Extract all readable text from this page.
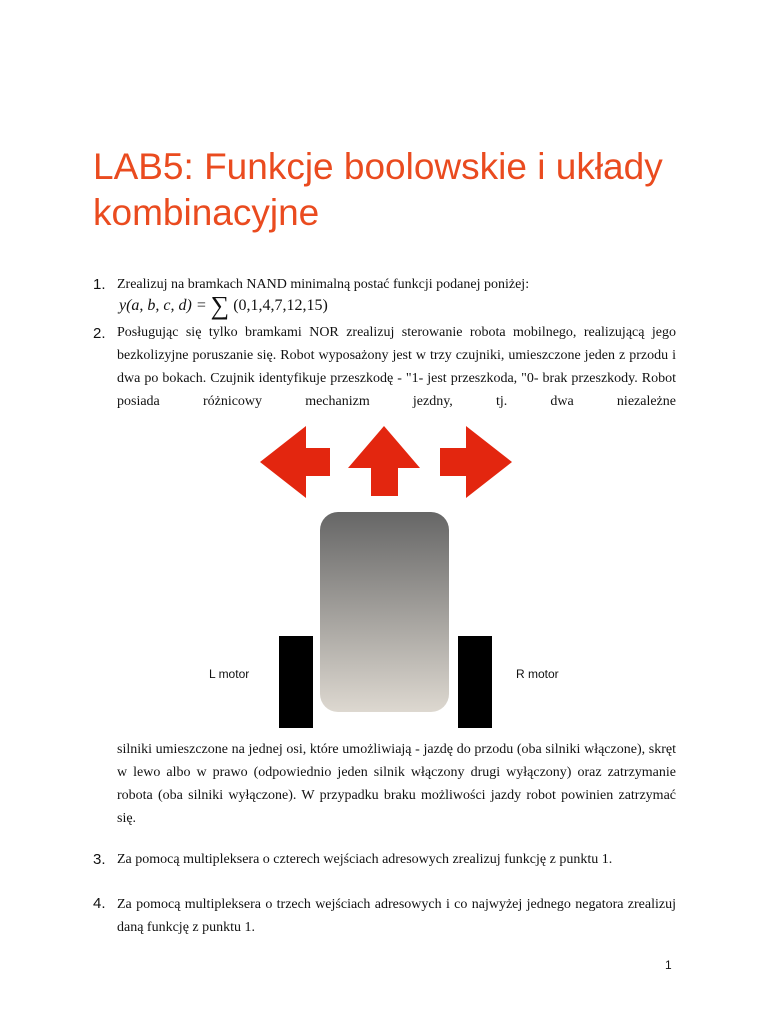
LAB5: Funkcje boolowskie i układy kombinacyjne
1. Zrealizuj na bramkach NAND minimalną postać funkcji podanej poniżej:
y(a, b, c, d) = ∑ (0,1,4,7,12,15)
2. Posługując się tylko bramkami NOR zrealizuj sterowanie robota mobilnego, realizującą jego bezkolizyjne poruszanie się. Robot wyposażony jest w trzy czujniki, umieszczone jeden z przodu i dwa po bokach. Czujnik identyfikuje przeszkodę - "1- jest przeszkoda, "0- brak przeszkody. Robot posiada różnicowy mechanizm jezdny, tj. dwa niezależne
L motor	R motor
silniki umieszczone na jednej osi, które umożliwiają - jazdę do przodu (oba silniki włączone), skręt w lewo albo w prawo (odpowiednio jeden silnik włączony drugi wyłączony) oraz zatrzymanie robota (oba silniki wyłączone). W przypadku braku możliwości jazdy robot powinien zatrzymać się.
3. Za pomocą multipleksera o czterech wejściach adresowych zrealizuj funkcję z punktu 1.
4. Za pomocą multipleksera o trzech wejściach adresowych i co najwyżej jednego negatora zrealizuj daną funkcję z punktu 1.
1
